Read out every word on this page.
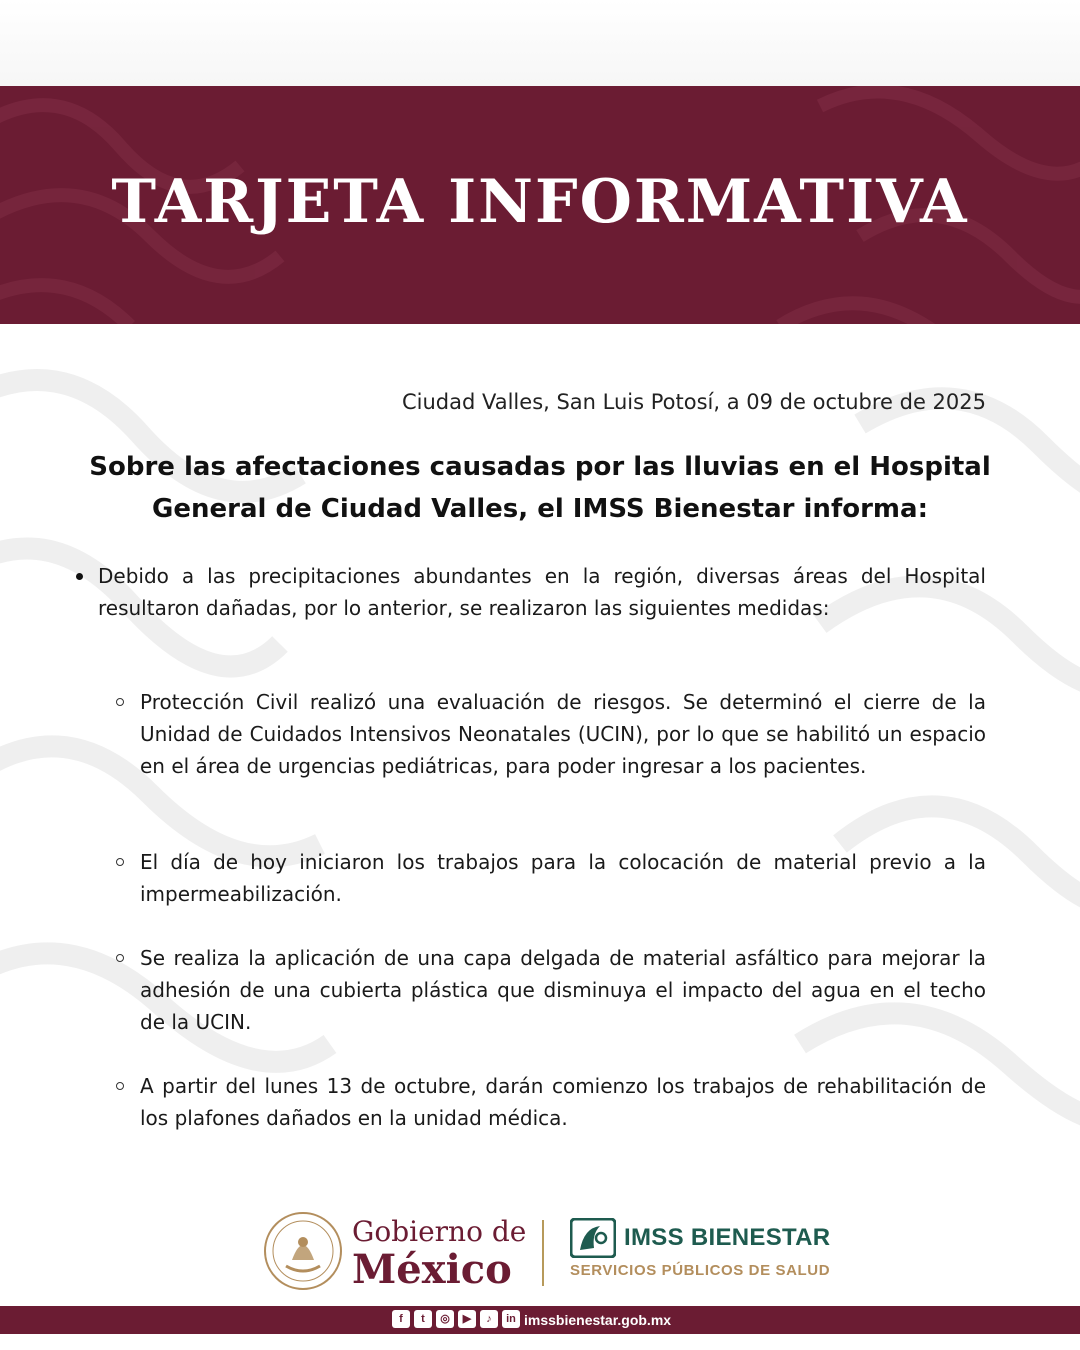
TARJETA INFORMATIVA
Ciudad Valles, San Luis Potosí, a 09 de octubre de 2025
Sobre las afectaciones causadas por las lluvias en el Hospital
General de Ciudad Valles, el IMSS Bienestar informa:
Debido a las precipitaciones abundantes en la región, diversas áreas del Hospital resultaron dañadas, por lo anterior, se realizaron las siguientes medidas:
Protección Civil realizó una evaluación de riesgos. Se determinó el cierre de la Unidad de Cuidados Intensivos Neonatales (UCIN), por lo que se habilitó un espacio en el área de urgencias pediátricas, para poder ingresar a los pacientes.
El día de hoy iniciaron los trabajos para la colocación de material previo a la impermeabilización.
Se realiza la aplicación de una capa delgada de material asfáltico para mejorar la adhesión de una cubierta plástica que disminuya el impacto del agua en el techo de la UCIN.
A partir del lunes 13 de octubre, darán comienzo los trabajos de rehabilitación de los plafones dañados en la unidad médica.
Gobierno de
México
IMSS BIENESTAR
SERVICIOS PÚBLICOS DE SALUD
f	t	◎	▶	♪	in imssbienestar.gob.mx
